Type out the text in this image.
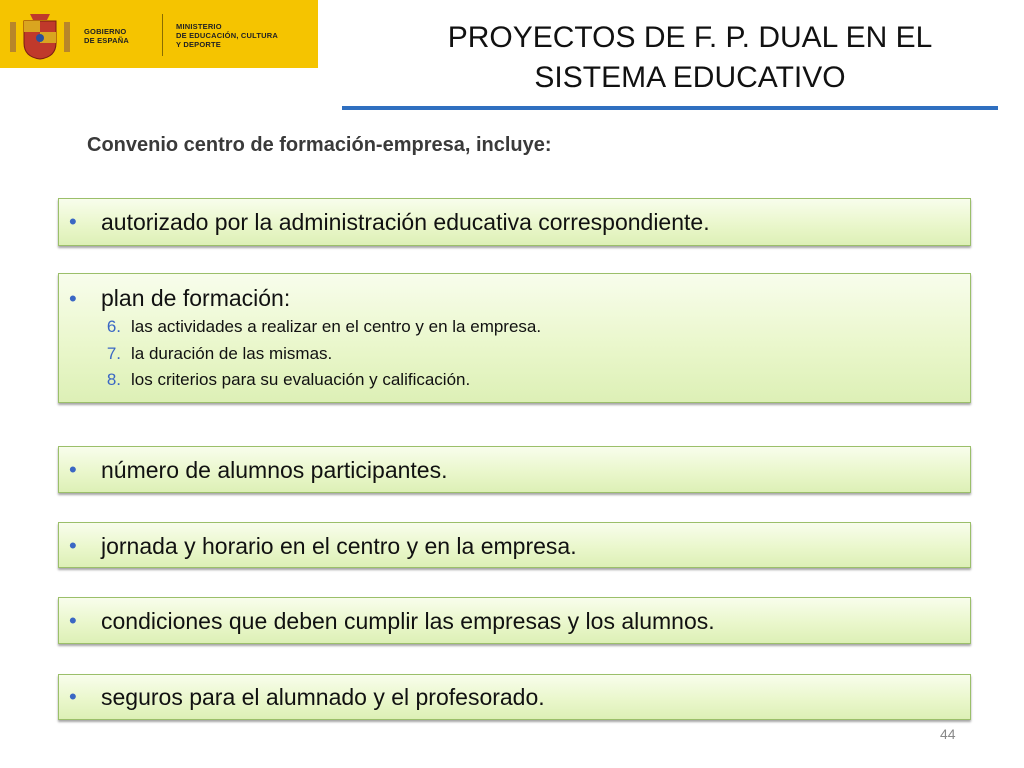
GOBIERNO
DE ESPAÑA
MINISTERIO
DE EDUCACIÓN, CULTURA
Y DEPORTE	PROYECTOS DE F. P. DUAL EN EL SISTEMA EDUCATIVO
Convenio centro de formación-empresa, incluye:
• autorizado por la administración educativa correspondiente.
• plan de formación:
6. las actividades a realizar en el centro y en la empresa.
7. la duración de las mismas.
8. los criterios para su evaluación y calificación.
• número de alumnos participantes.
• jornada y horario en el centro y en la empresa.
• condiciones que deben cumplir las empresas y los alumnos.
• seguros para el alumnado y el profesorado.
44
